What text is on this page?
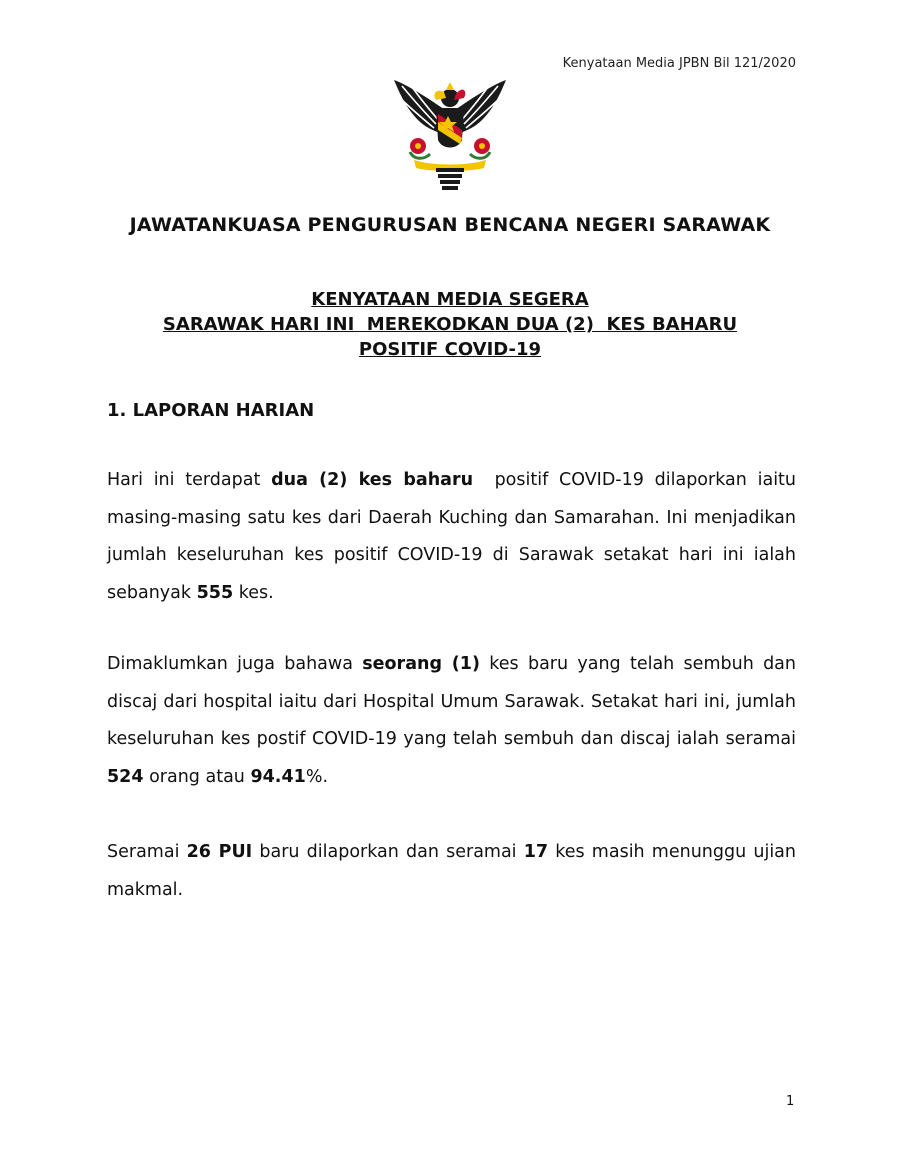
Kenyataan Media JPBN Bil 121/2020
JAWATANKUASA PENGURUSAN BENCANA NEGERI SARAWAK
KENYATAAN MEDIA SEGERA
SARAWAK HARI INI  MEREKODKAN DUA (2)  KES BAHARU
POSITIF COVID-19
1. LAPORAN HARIAN
Hari ini terdapat dua (2) kes baharu  positif COVID-19 dilaporkan iaitu masing-masing satu kes dari Daerah Kuching dan Samarahan. Ini menjadikan jumlah keseluruhan kes positif COVID-19 di Sarawak setakat hari ini ialah sebanyak 555 kes.
Dimaklumkan juga bahawa seorang (1) kes baru yang telah sembuh dan discaj dari hospital iaitu dari Hospital Umum Sarawak. Setakat hari ini, jumlah keseluruhan kes postif COVID-19 yang telah sembuh dan discaj ialah seramai 524 orang atau 94.41%.
Seramai 26 PUI baru dilaporkan dan seramai 17 kes masih menunggu ujian makmal.
1
